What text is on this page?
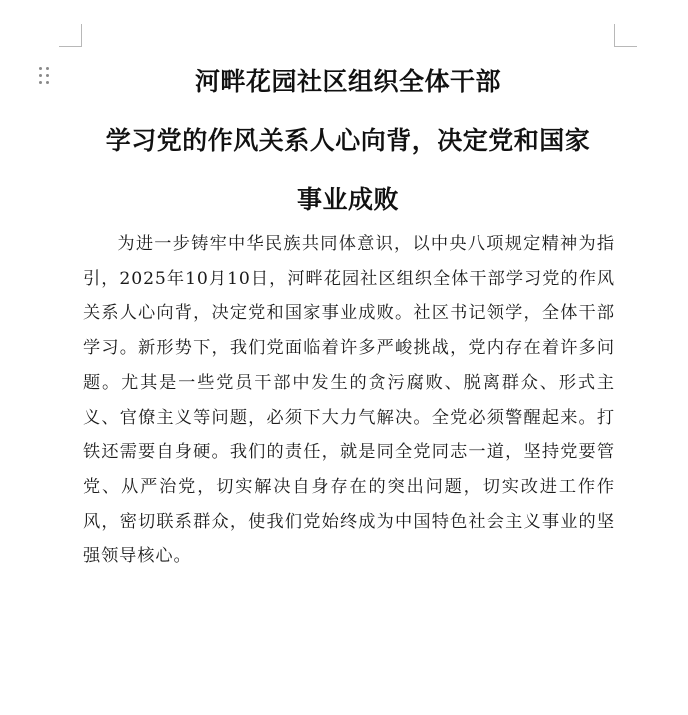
河畔花园社区组织全体干部
学习党的作风关系人心向背，决定党和国家
事业成败

为进一步铸牢中华民族共同体意识，以中央八项规定精神为指引，2025年10月10日，河畔花园社区组织全体干部学习党的作风关系人心向背，决定党和国家事业成败。社区书记领学，全体干部学习。新形势下，我们党面临着许多严峻挑战，党内存在着许多问题。尤其是一些党员干部中发生的贪污腐败、脱离群众、形式主义、官僚主义等问题，必须下大力气解决。全党必须警醒起来。打铁还需要自身硬。我们的责任，就是同全党同志一道，坚持党要管党、从严治党，切实解决自身存在的突出问题，切实改进工作作风，密切联系群众，使我们党始终成为中国特色社会主义事业的坚强领导核心。
